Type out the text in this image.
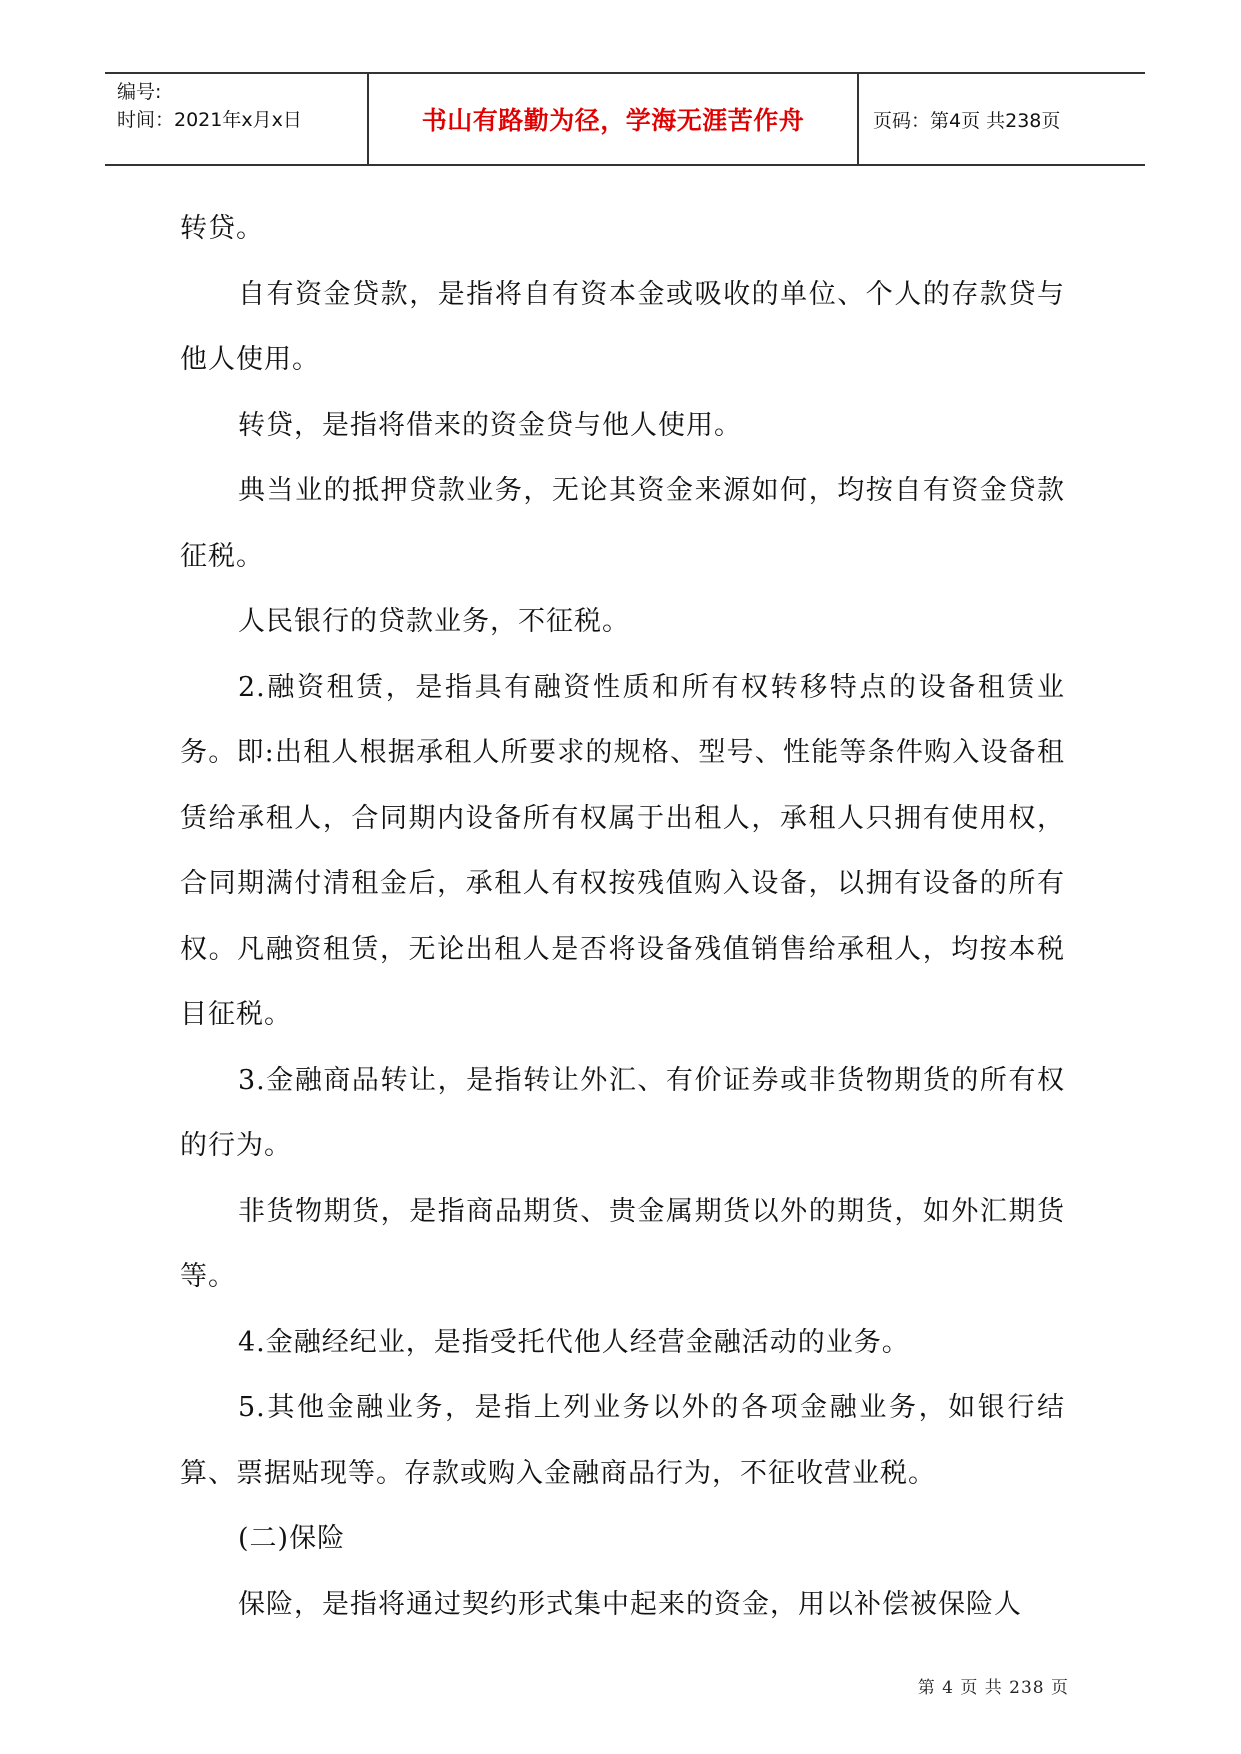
编号:
时间：2021年x月x日	书山有路勤为径，学海无涯苦作舟	页码：第4页 共238页

转贷。

自有资金贷款，是指将自有资本金或吸收的单位、个人的存款贷与他人使用。

转贷，是指将借来的资金贷与他人使用。

典当业的抵押贷款业务，无论其资金来源如何，均按自有资金贷款征税。

人民银行的贷款业务，不征税。

2.融资租赁，是指具有融资性质和所有权转移特点的设备租赁业务。即:出租人根据承租人所要求的规格、型号、性能等条件购入设备租赁给承租人，合同期内设备所有权属于出租人，承租人只拥有使用权，合同期满付清租金后，承租人有权按残值购入设备，以拥有设备的所有权。凡融资租赁，无论出租人是否将设备残值销售给承租人，均按本税目征税。

3.金融商品转让，是指转让外汇、有价证券或非货物期货的所有权的行为。

非货物期货，是指商品期货、贵金属期货以外的期货，如外汇期货等。

4.金融经纪业，是指受托代他人经营金融活动的业务。

5.其他金融业务，是指上列业务以外的各项金融业务，如银行结算、票据贴现等。存款或购入金融商品行为，不征收营业税。

(二)保险

保险，是指将通过契约形式集中起来的资金，用以补偿被保险人

第 4 页 共 238 页
